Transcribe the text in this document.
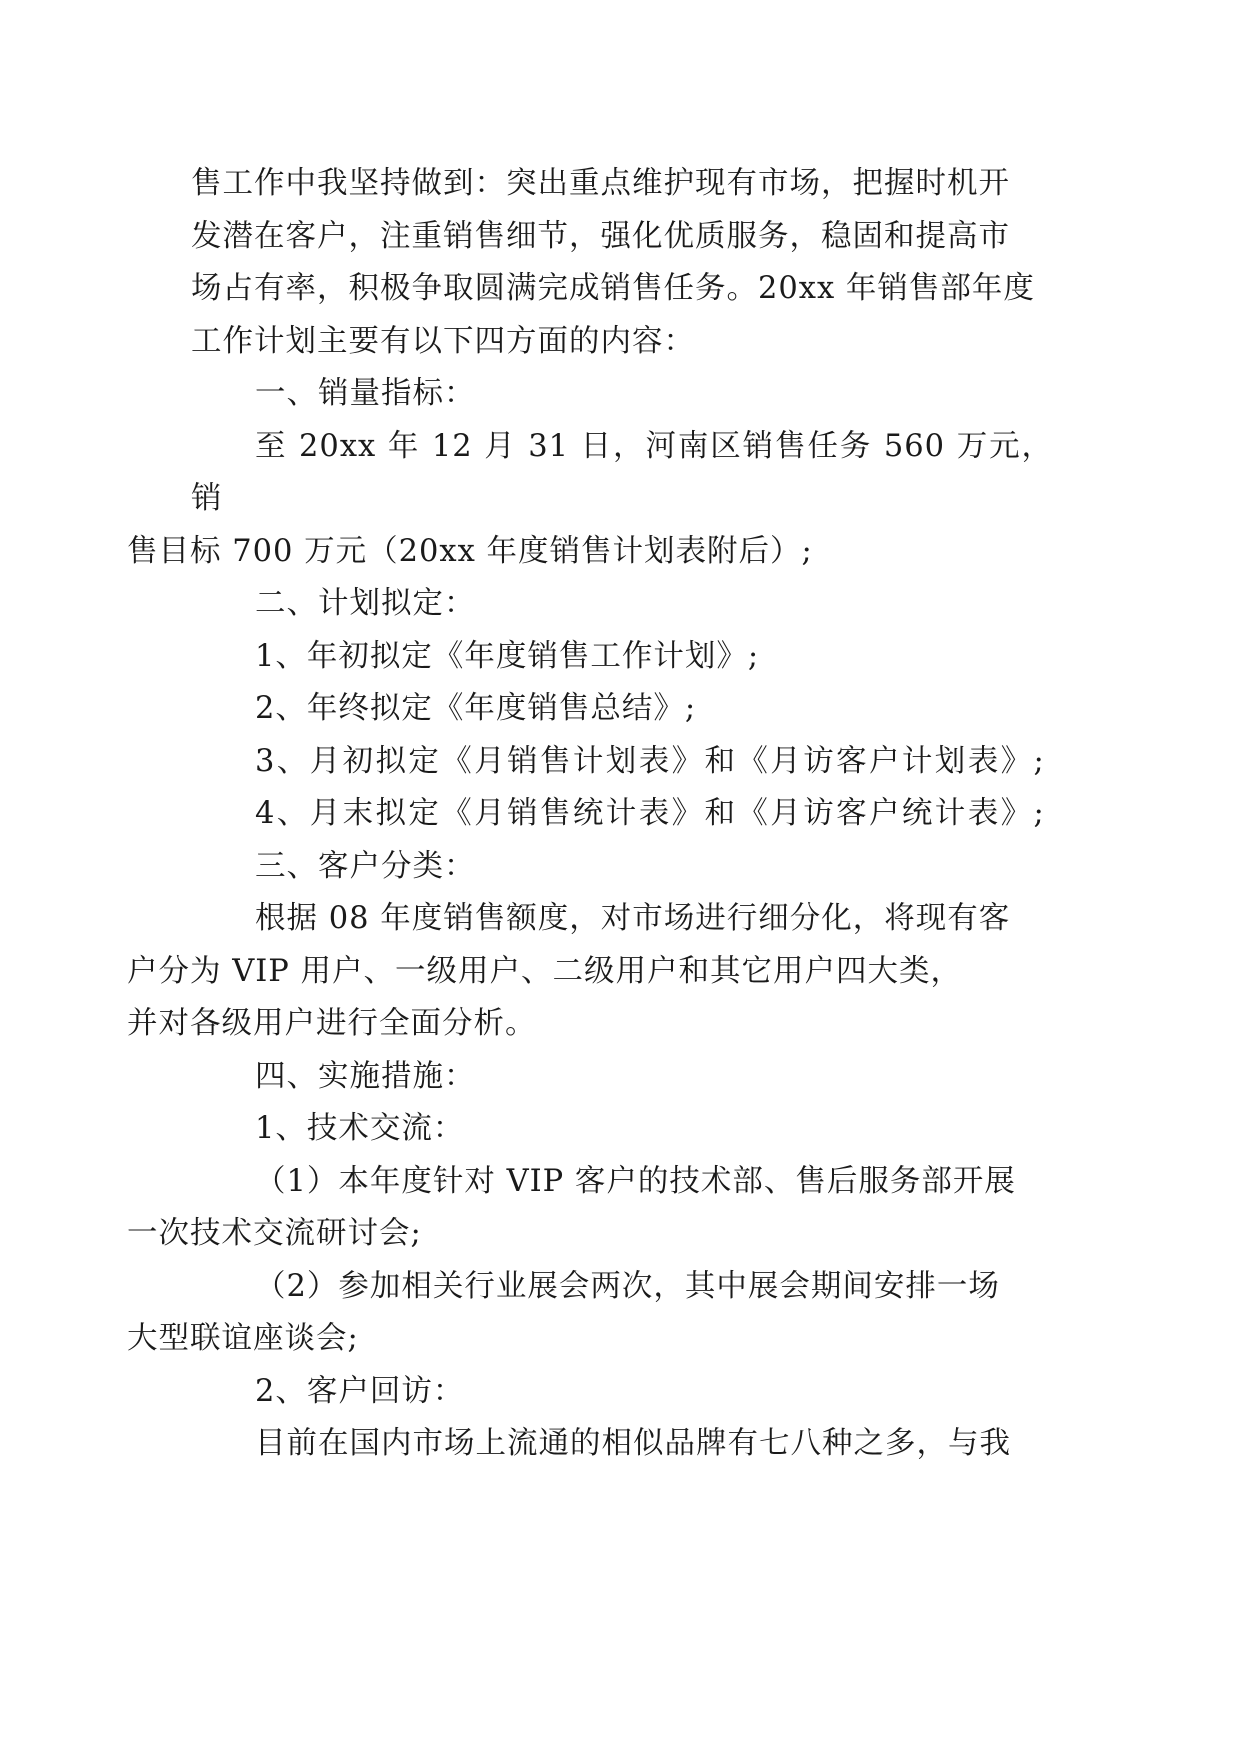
售工作中我坚持做到：突出重点维护现有市场，把握时机开
发潜在客户，注重销售细节，强化优质服务，稳固和提高市
场占有率，积极争取圆满完成销售任务。20xx 年销售部年度
工作计划主要有以下四方面的内容：

一、销量指标：

至 20xx 年 12 月 31 日，河南区销售任务 560 万元，销
售目标 700 万元（20xx 年度销售计划表附后）;

二、计划拟定：

1、年初拟定《年度销售工作计划》;

2、年终拟定《年度销售总结》;

3、月初拟定《月销售计划表》和《月访客户计划表》;

4、月末拟定《月销售统计表》和《月访客户统计表》;

三、客户分类：

根据 08 年度销售额度，对市场进行细分化，将现有客
户分为 VIP 用户、一级用户、二级用户和其它用户四大类，
并对各级用户进行全面分析。

四、实施措施：

1、技术交流：

（1）本年度针对 VIP 客户的技术部、售后服务部开展
一次技术交流研讨会;

（2）参加相关行业展会两次，其中展会期间安排一场
大型联谊座谈会;

2、客户回访：

目前在国内市场上流通的相似品牌有七八种之多，与我
